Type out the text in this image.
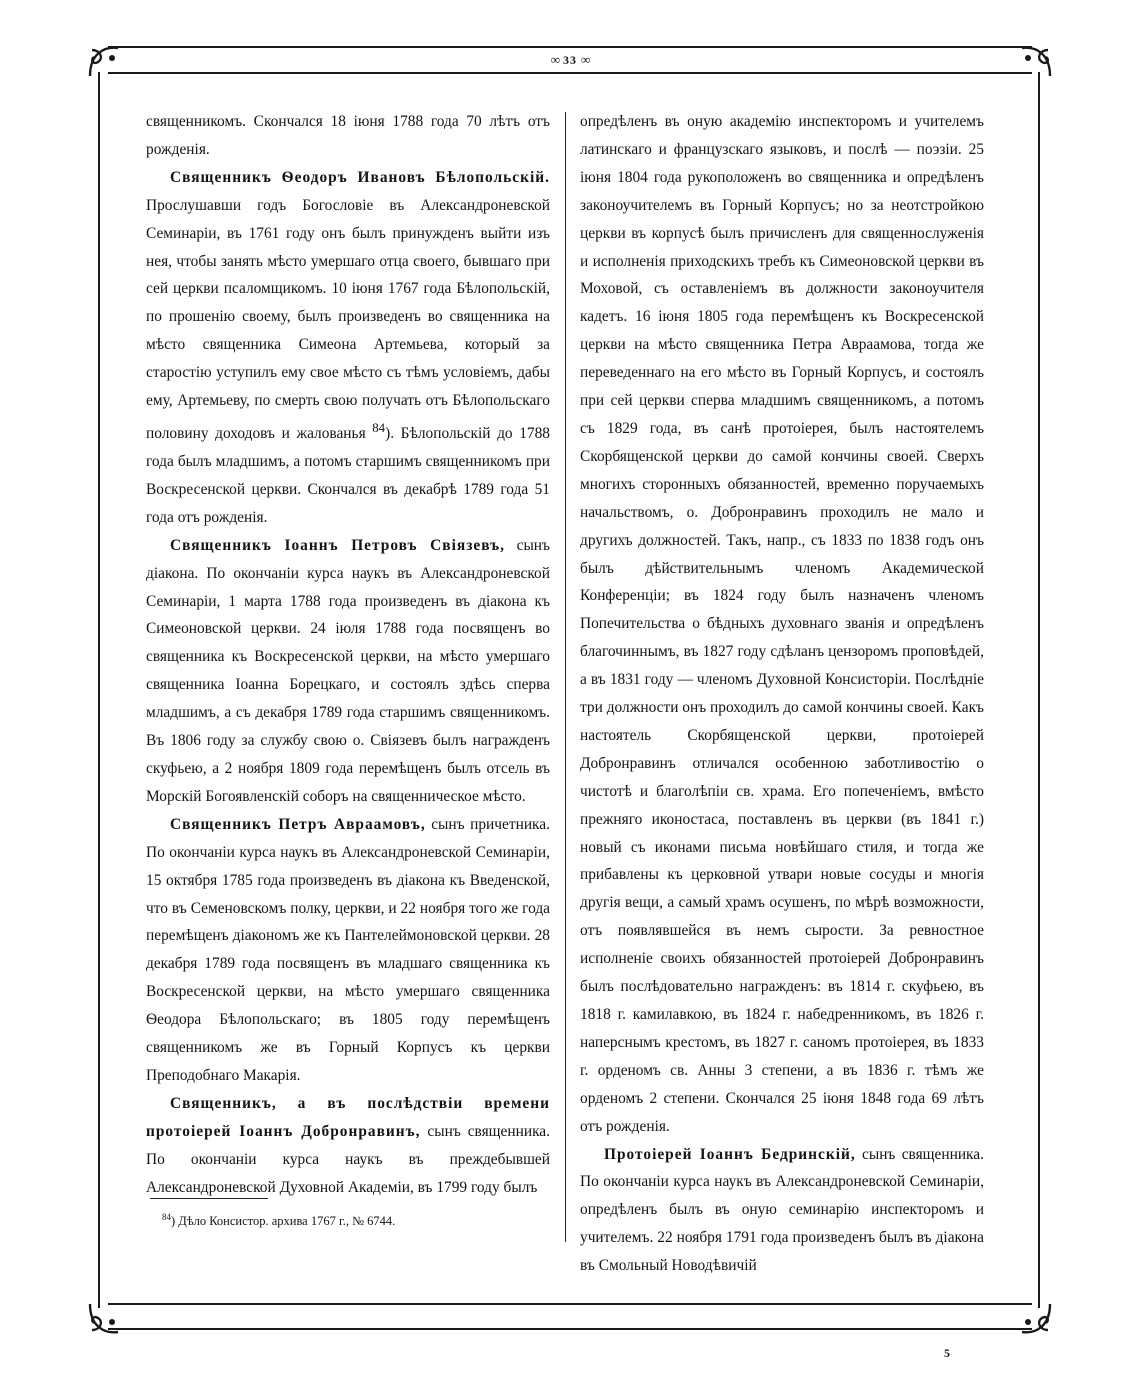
∞ 33 ∞

священникомъ. Скончался 18 iюня 1788 года 70 лѣтъ отъ рожденія.

Священникъ Ѳеодоръ Ивановъ Бѣлопольскій. Прослушавши годъ Богословіе въ Александроневской Семинаріи, въ 1761 году онъ былъ принужденъ выйти изъ нея, чтобы занять мѣсто умершаго отца своего, бывшаго при сей церкви псаломщикомъ. 10 iюня 1767 года Бѣлопольскій, по прошенію своему, былъ произведенъ во священника на мѣсто священника Симеона Артемьева, который за старостію уступилъ ему свое мѣсто съ тѣмъ условіемъ, дабы ему, Артемьеву, по смерть свою получать отъ Бѣлопольскаго половину доходовъ и жалованья $^{84}$). Бѣлопольскій до 1788 года былъ младшимъ, а потомъ старшимъ священникомъ при Воскресенской церкви. Скончался въ декабрѣ 1789 года 51 года отъ рожденія.

Священникъ Іоаннъ Петровъ Свіязевъ, сынъ діакона. По окончаніи курса наукъ въ Александроневской Семинаріи, 1 марта 1788 года произведенъ въ діакона къ Симеоновской церкви. 24 iюля 1788 года посвященъ во священника къ Воскресенской церкви, на мѣсто умершаго священника Іоанна Борецкаго, и состоялъ здѣсь сперва младшимъ, а съ декабря 1789 года старшимъ священникомъ. Въ 1806 году за службу свою о. Свіязевъ былъ награжденъ скуфьею, а 2 ноября 1809 года перемѣщенъ былъ отсель въ Морскій Богоявленскій соборъ на священническое мѣсто.

Священникъ Петръ Авраамовъ, сынъ причетника. По окончаніи курса наукъ въ Александроневской Семинаріи, 15 октября 1785 года произведенъ въ діакона къ Введенской, что въ Семеновскомъ полку, церкви, и 22 ноября того же года перемѣщенъ діакономъ же къ Пантелеймоновской церкви. 28 декабря 1789 года посвященъ въ младшаго священника къ Воскресенской церкви, на мѣсто умершаго священника Ѳеодора Бѣлопольскаго; въ 1805 году перемѣщенъ священникомъ же въ Горный Корпусъ къ церкви Преподобнаго Макарія.

Священникъ, а въ послѣдствіи времени протоіерей Іоаннъ Добронравинъ, сынъ священника. По окончаніи курса наукъ въ преждебывшей Александроневской Духовной Академіи, въ 1799 году былъ

опредѣленъ въ оную академію инспекторомъ и учителемъ латинскаго и французскаго языковъ, и послѣ — поэзіи. 25 iюня 1804 года рукоположенъ во священника и опредѣленъ законоучителемъ въ Горный Корпусъ; но за неотстройкою церкви въ корпусѣ былъ причисленъ для священнослуженія и исполненія приходскихъ требъ къ Симеоновской церкви въ Моховой, съ оставленіемъ въ должности законоучителя кадетъ. 16 iюня 1805 года перемѣщенъ къ Воскресенской церкви на мѣсто священника Петра Авраамова, тогда же переведеннаго на его мѣсто въ Горный Корпусъ, и состоялъ при сей церкви сперва младшимъ священникомъ, а потомъ съ 1829 года, въ санѣ протоіерея, былъ настоятелемъ Скорбященской церкви до самой кончины своей. Сверхъ многихъ сторонныхъ обязанностей, временно поручаемыхъ начальствомъ, о. Добронравинъ проходилъ не мало и другихъ должностей. Такъ, напр., съ 1833 по 1838 годъ онъ былъ дѣйствительнымъ членомъ Академической Конференціи; въ 1824 году былъ назначенъ членомъ Попечительства о бѣдныхъ духовнаго званія и опредѣленъ благочиннымъ, въ 1827 году сдѣланъ цензоромъ проповѣдей, а въ 1831 году — членомъ Духовной Консисторіи. Послѣдніе три должности онъ проходилъ до самой кончины своей. Какъ настоятель Скорбященской церкви, протоіерей Добронравинъ отличался особенною заботливостію о чистотѣ и благолѣпіи св. храма. Его попеченіемъ, вмѣсто прежняго иконостаса, поставленъ въ церкви (въ 1841 г.) новый съ иконами письма новѣйшаго стиля, и тогда же прибавлены къ церковной утвари новые сосуды и многія другія вещи, а самый храмъ осушенъ, по мѣрѣ возможности, отъ появлявшейся въ немъ сырости. За ревностное исполненіе своихъ обязанностей протоіерей Добронравинъ былъ послѣдовательно награжденъ: въ 1814 г. скуфьею, въ 1818 г. камилавкою, въ 1824 г. набедренникомъ, въ 1826 г. наперснымъ крестомъ, въ 1827 г. саномъ протоіерея, въ 1833 г. орденомъ св. Анны 3 степени, а въ 1836 г. тѣмъ же орденомъ 2 степени. Скончался 25 iюня 1848 года 69 лѣтъ отъ рожденія.

Протоіерей Іоаннъ Бедринскій, сынъ священника. По окончаніи курса наукъ въ Александроневской Семинаріи, опредѣленъ былъ въ оную семинарію инспекторомъ и учителемъ. 22 ноября 1791 года произведенъ былъ въ діакона въ Смольный Новодѣвичій

$^{84}$) Дѣло Консистор. архива 1767 г., № 6744.
5
